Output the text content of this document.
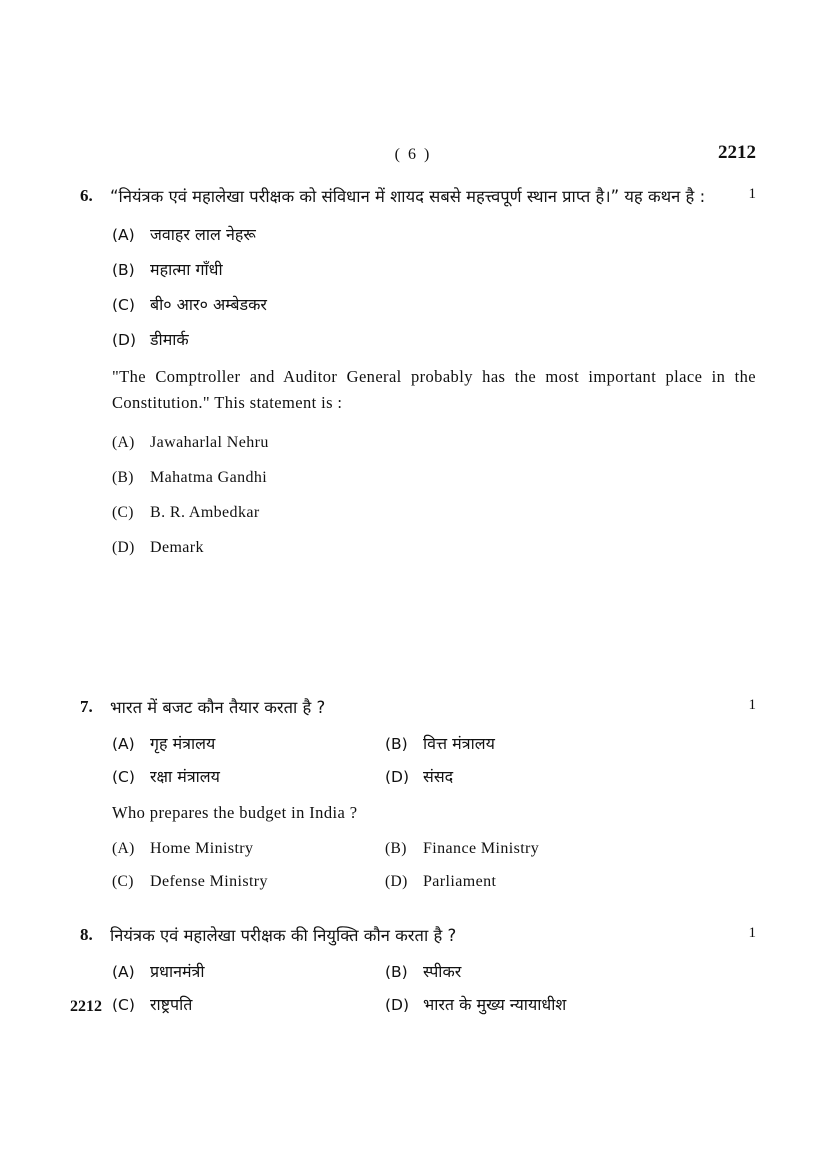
( 6 )	2212
6.	“नियंत्रक एवं महालेखा परीक्षक को संविधान में शायद सबसे महत्त्वपूर्ण स्थान प्राप्त है।” यह कथन है :	1
(A) जवाहर लाल नेहरू
(B) महात्मा गाँधी
(C) बी० आर० अम्बेडकर
(D) डीमार्क

"The Comptroller and Auditor General probably has the most important place in the Constitution." This statement is :

(A) Jawaharlal Nehru
(B) Mahatma Gandhi
(C) B. R. Ambedkar
(D) Demark
7.	भारत में बजट कौन तैयार करता है ?	1
(A) गृह मंत्रालय	(B) वित्त मंत्रालय
(C) रक्षा मंत्रालय	(D) संसद

Who prepares the budget in India ?

(A) Home Ministry	(B) Finance Ministry
(C) Defense Ministry	(D) Parliament
8.	नियंत्रक एवं महालेखा परीक्षक की नियुक्ति कौन करता है ?	1
(A) प्रधानमंत्री	(B) स्पीकर
(C) राष्ट्रपति	(D) भारत के मुख्य न्यायाधीश
2212
